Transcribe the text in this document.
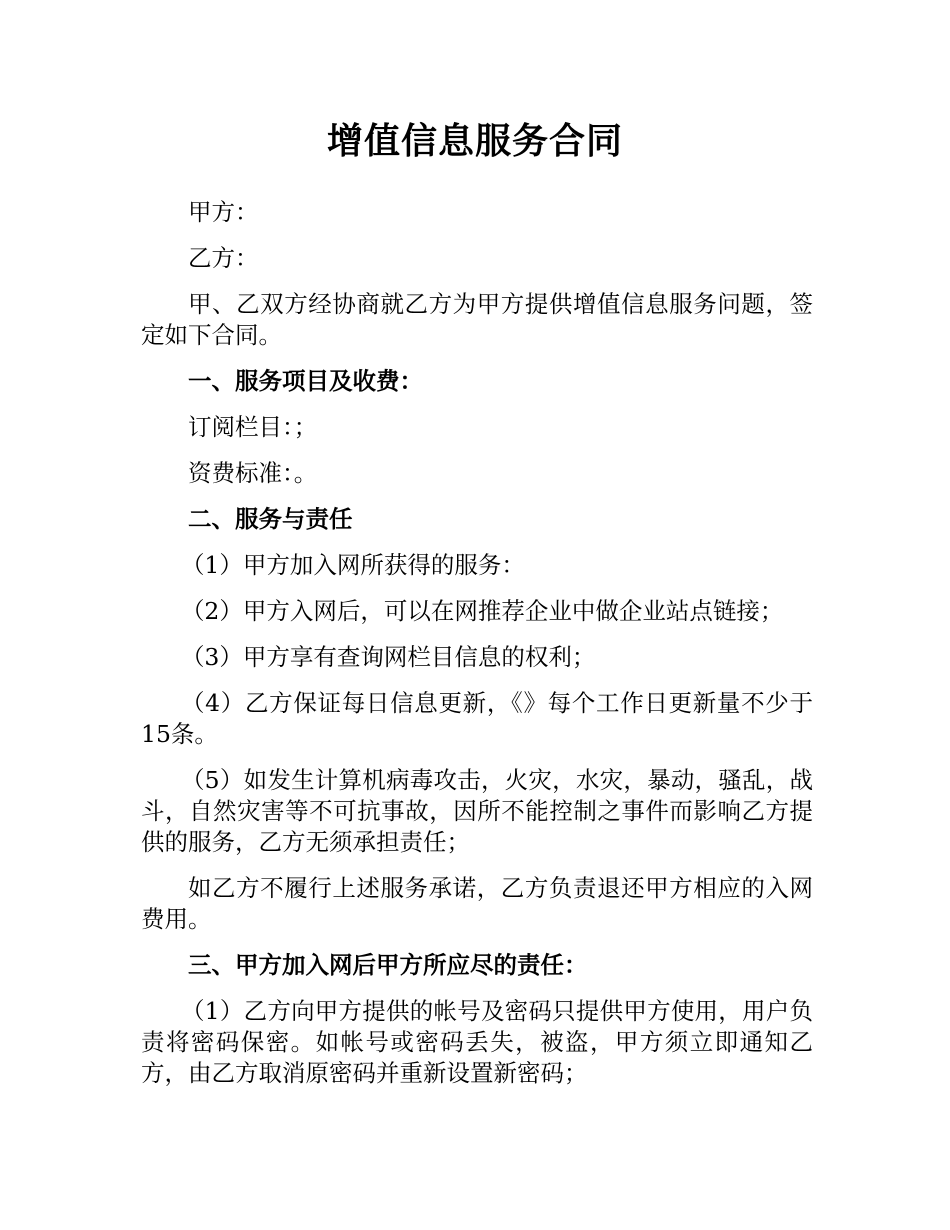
增值信息服务合同

甲方：

乙方：

甲、乙双方经协商就乙方为甲方提供增值信息服务问题，签定如下合同。

一、服务项目及收费：

订阅栏目：；

资费标准：。

二、服务与责任

（1）甲方加入网所获得的服务：

（2）甲方入网后，可以在网推荐企业中做企业站点链接；

（3）甲方享有查询网栏目信息的权利；

（4）乙方保证每日信息更新，《》每个工作日更新量不少于15条。

（5）如发生计算机病毒攻击，火灾，水灾，暴动，骚乱，战斗，自然灾害等不可抗事故，因所不能控制之事件而影响乙方提供的服务，乙方无须承担责任；

如乙方不履行上述服务承诺，乙方负责退还甲方相应的入网费用。

三、甲方加入网后甲方所应尽的责任：

（1）乙方向甲方提供的帐号及密码只提供甲方使用，用户负责将密码保密。如帐号或密码丢失，被盗，甲方须立即通知乙方，由乙方取消原密码并重新设置新密码；
